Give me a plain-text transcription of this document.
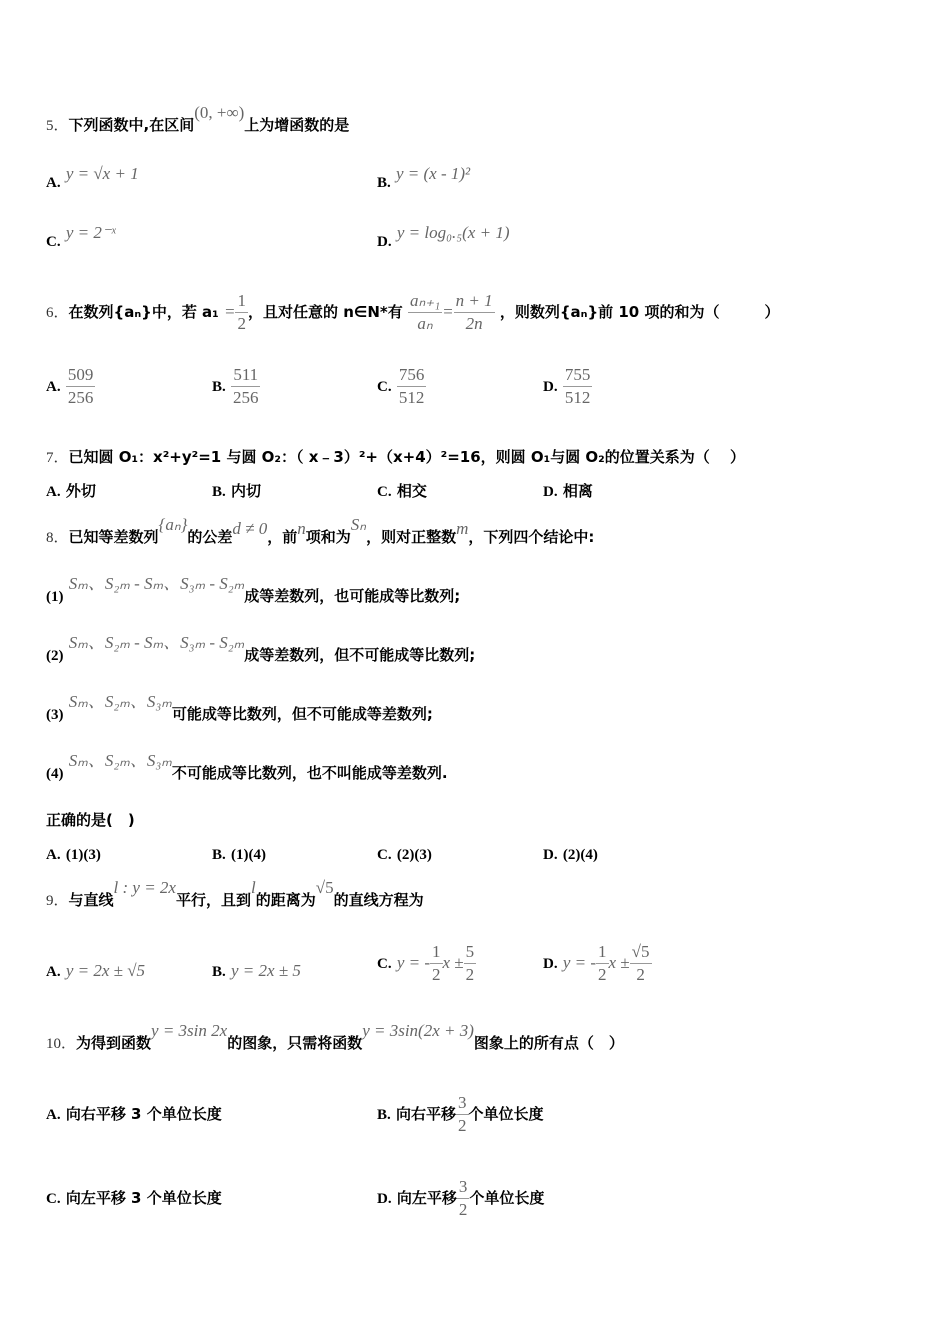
5．下列函数中,在区间(0, +∞)上为增函数的是
A. y = √x + 1	B. y = (x - 1)²
C. y = 2⁻ˣ	D. y = log₀.₅(x + 1)
6．在数列{aₙ}中，若 $a_1 = \frac{1}{2}$ ，且对任意的 n∈N*有 $\frac{\text{aₙ₊₁}}{\text{aₙ}} = \frac{n + 1}{2n}$ ，则数列{aₙ}前 10 项的和为（　　　）
A. $\frac{509}{256}$	B. $\frac{511}{256}$	C. $\frac{756}{512}$	D. $\frac{755}{512}$
7．已知圆 O₁：x²+y²=1 与圆 O₂：（ x﹣3）²+（x+4）²=16，则圆 O₁与圆 O₂的位置关系为（　 ）
A. 外切	B. 内切	C. 相交	D. 相离
8．已知等差数列{aₙ}的公差d ≠ 0，前n项和为Sₙ，则对正整数m，下列四个结论中:
(1) Sₘ、S₂ₘ - Sₘ、S₃ₘ - S₂ₘ成等差数列，也可能成等比数列;
(2) Sₘ、S₂ₘ - Sₘ、S₃ₘ - S₂ₘ成等差数列，但不可能成等比数列;
(3) Sₘ、S₂ₘ、S₃ₘ可能成等比数列，但不可能成等差数列;
(4) Sₘ、S₂ₘ、S₃ₘ不可能成等比数列，也不叫能成等差数列.
正确的是(　)
A. (1)(3)	B. (1)(4)	C. (2)(3)	D. (2)(4)
9．与直线l : y = 2x平行，且到l的距离为√5的直线方程为
A. y = 2x ± √5	B. y = 2x ± 5	C. y = - $\frac{1}{2}$ $x \pm \frac{5}{2}$	D. y = - $\frac{1}{2}$ $x \pm \frac{√5}{2}$
10．为得到函数y = 3sin 2x的图象，只需将函数y = 3sin(2x + 3)图象上的所有点（　）
A. 向右平移 3 个单位长度	B. 向右平移 $\frac{3}{2}$ 个单位长度
C. 向左平移 3 个单位长度	D. 向左平移 $\frac{3}{2}$ 个单位长度
